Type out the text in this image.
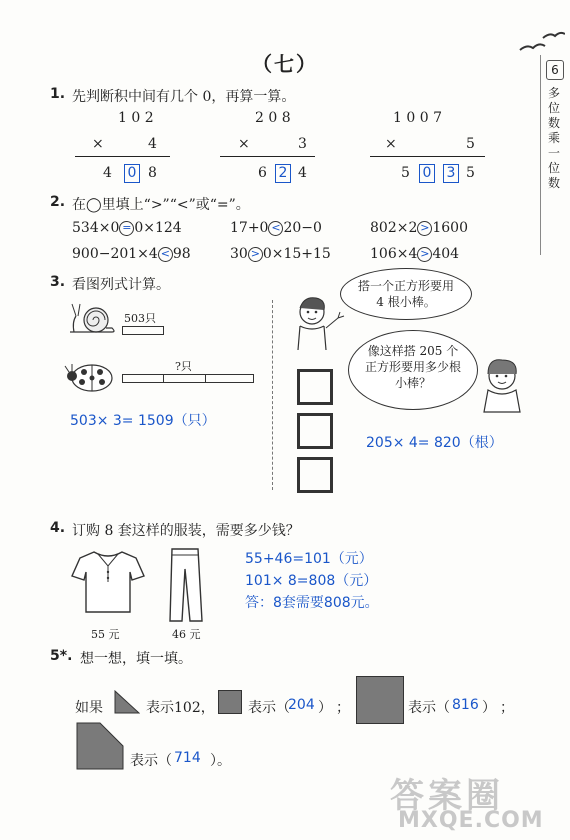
（七）	6
多位数乘一位数
1. 先判断积中间有几个 0，再算一算。
1 0 2
×	4
4 0 8
2 0 8
×	3
6 2 4
1 0 0 7
×	5
5 0 3 5
2. 在◯里填上“>”“<”或“=”。
534×0 = 0×124	17+0 < 20−0	802×2 > 1600
900−201×4 < 98	30 > 0×15+15	106×4 > 404
3. 看图列式计算。
503只
?只
503× 3= 1509（只）
搭一个正方形要用 4 根小棒。
像这样搭 205 个正方形要用多少根小棒？
205× 4= 820（根）
4. 订购 8 套这样的服装，需要多少钱？
55 元	46 元
55+46=101（元）
101× 8=808（元）
答：8套需要808元。
5*. 想一想，填一填。
如果	表示102， 表示（
204 ） ；	表示（ 816 ） ；
表示（ 714 ）。
答案圈
MXQE.COM
